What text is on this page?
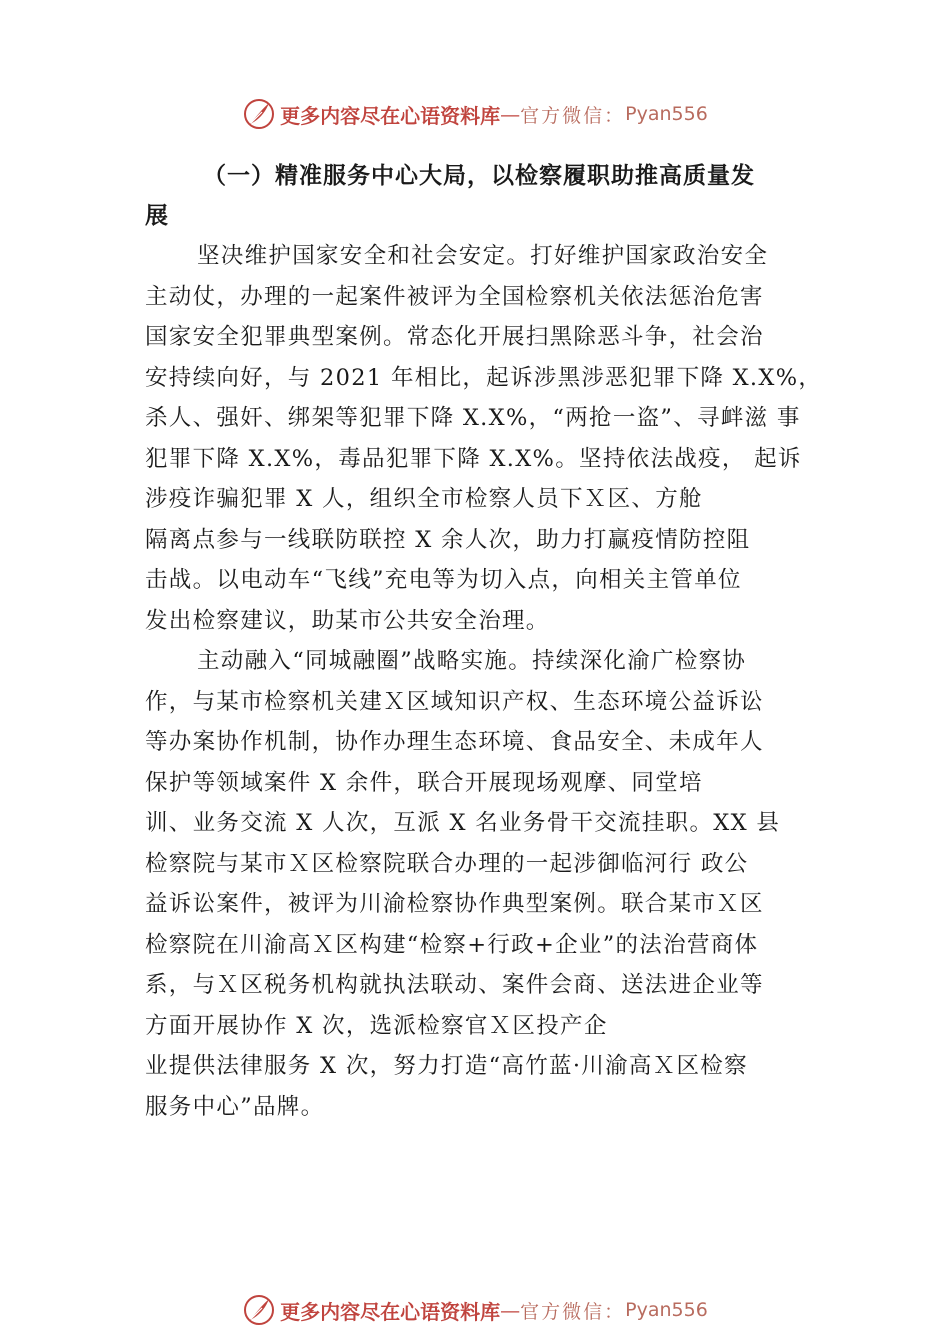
更多内容尽在心语资料库 — 官方微信： Pyan556

（一）精准服务中心大局，以检察履职助推高质量发
展

坚决维护国家安全和社会安定。打好维护国家政治安全
主动仗，办理的一起案件被评为全国检察机关依法惩治危害
国家安全犯罪典型案例。常态化开展扫黑除恶斗争，社会治
安持续向好，与 2021 年相比，起诉涉黑涉恶犯罪下降 X.X%，
杀人、强奸、绑架等犯罪下降 X.X%，“两抢一盗”、寻衅滋 事
犯罪下降 X.X%，毒品犯罪下降 X.X%。坚持依法战疫， 起诉
涉疫诈骗犯罪 X 人，组织全市检察人员下Ｘ区、方舱
隔离点参与一线联防联控 X 余人次，助力打赢疫情防控阻
击战。以电动车“飞线”充电等为切入点，向相关主管单位
发出检察建议，助某市公共安全治理。

主动融入“同城融圈”战略实施。持续深化渝广检察协
作，与某市检察机关建Ｘ区域知识产权、生态环境公益诉讼
等办案协作机制，协作办理生态环境、食品安全、未成年人
保护等领域案件 X 余件，联合开展现场观摩、同堂培
训、业务交流 X 人次，互派 X 名业务骨干交流挂职。XX 县
检察院与某市Ｘ区检察院联合办理的一起涉御临河行 政公
益诉讼案件，被评为川渝检察协作典型案例。联合某市Ｘ区
检察院在川渝高Ｘ区构建“检察+行政+企业”的法治营商体
系，与Ｘ区税务机构就执法联动、案件会商、送法进企业等
方面开展协作 X 次，选派检察官Ｘ区投产企
业提供法律服务 X 次，努力打造“高竹蓝·川渝高Ｘ区检察
服务中心”品牌。

更多内容尽在心语资料库 — 官方微信： Pyan556
